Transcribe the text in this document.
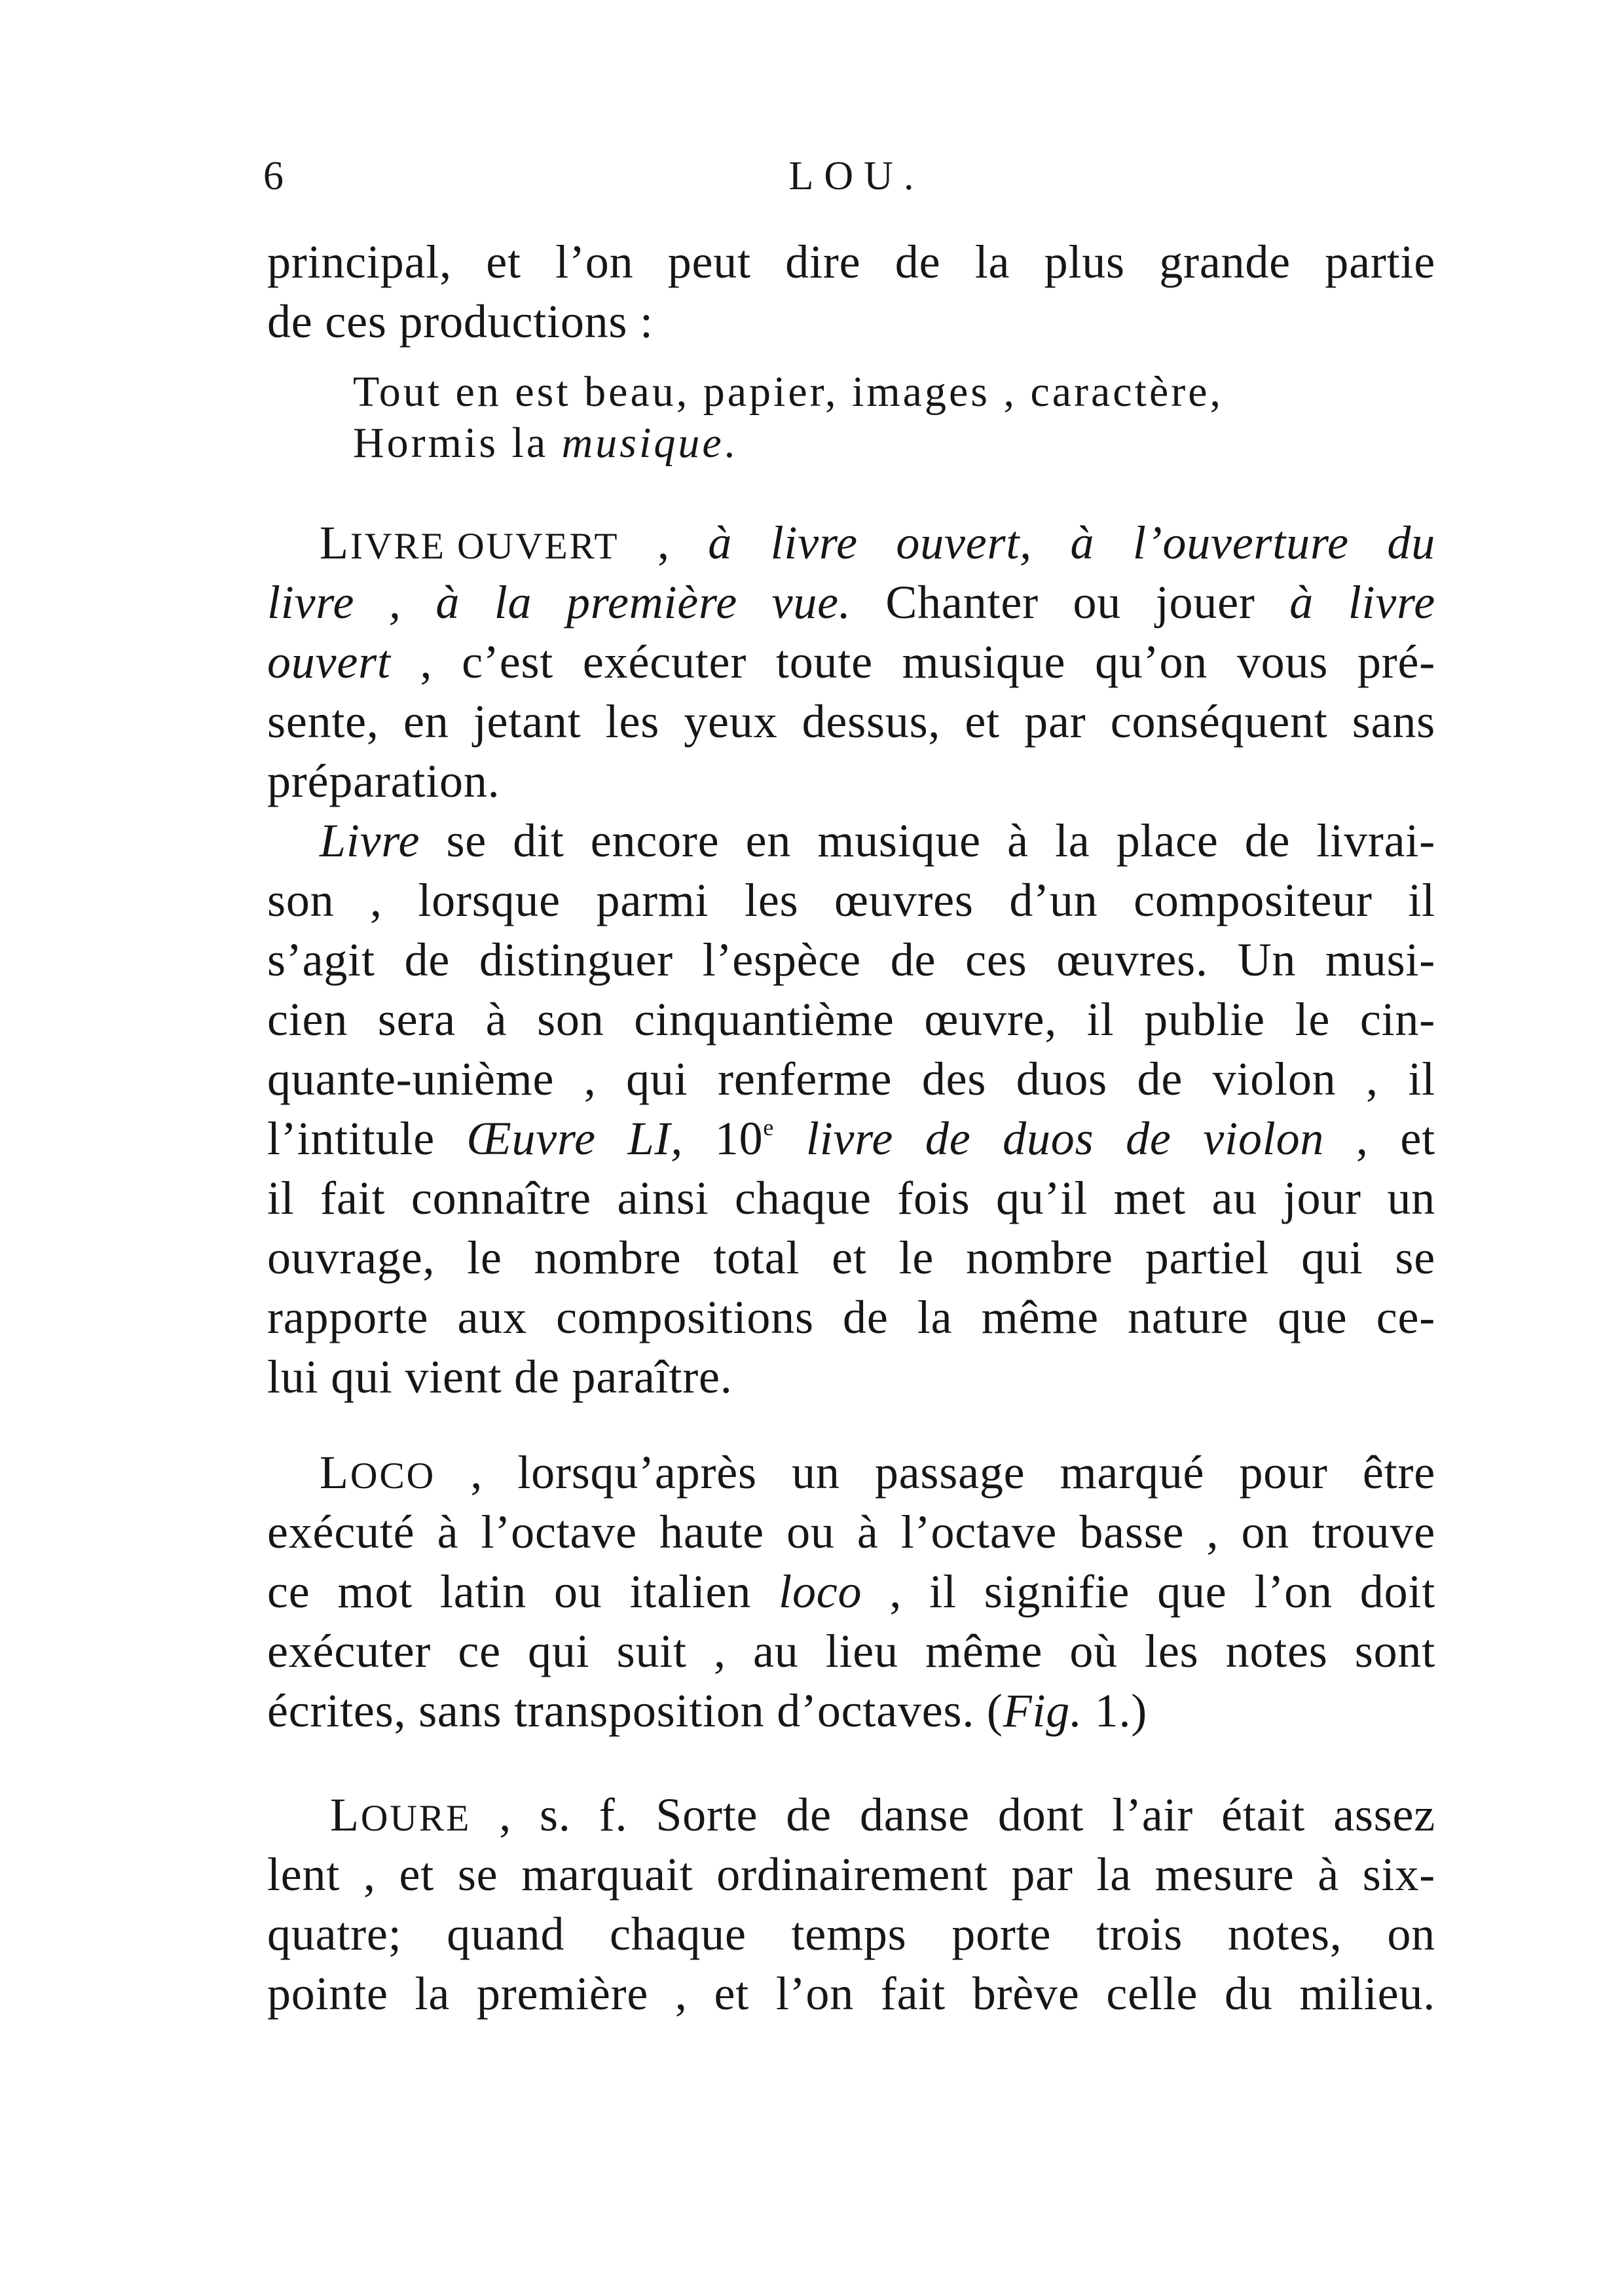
6	LOU.
principal, et l’on peut dire de la plus grande partie
de ces productions :
Tout en est beau, papier, images , caractère,
Hormis la musique.
LIVRE OUVERT , à livre ouvert, à l’ouverture du
livre , à la première vue. Chanter ou jouer à livre
ouvert , c’est exécuter toute musique qu’on vous pré-
sente, en jetant les yeux dessus, et par conséquent sans
préparation.
Livre se dit encore en musique à la place de livrai-
son , lorsque parmi les œuvres d’un compositeur il
s’agit de distinguer l’espèce de ces œuvres. Un musi-
cien sera à son cinquantième œuvre, il publie le cin-
quante-unième , qui renferme des duos de violon , il
l’intitule Œuvre LI, 10e livre de duos de violon , et
il fait connaître ainsi chaque fois qu’il met au jour un
ouvrage, le nombre total et le nombre partiel qui se
rapporte aux compositions de la même nature que ce-
lui qui vient de paraître.
LOCO , lorsqu’après un passage marqué pour être
exécuté à l’octave haute ou à l’octave basse , on trouve
ce mot latin ou italien loco , il signifie que l’on doit
exécuter ce qui suit , au lieu même où les notes sont
écrites, sans transposition d’octaves. (Fig. 1.)
LOURE , s. f. Sorte de danse dont l’air était assez
lent , et se marquait ordinairement par la mesure à six-
quatre; quand chaque temps porte trois notes, on
pointe la première , et l’on fait brève celle du milieu.
